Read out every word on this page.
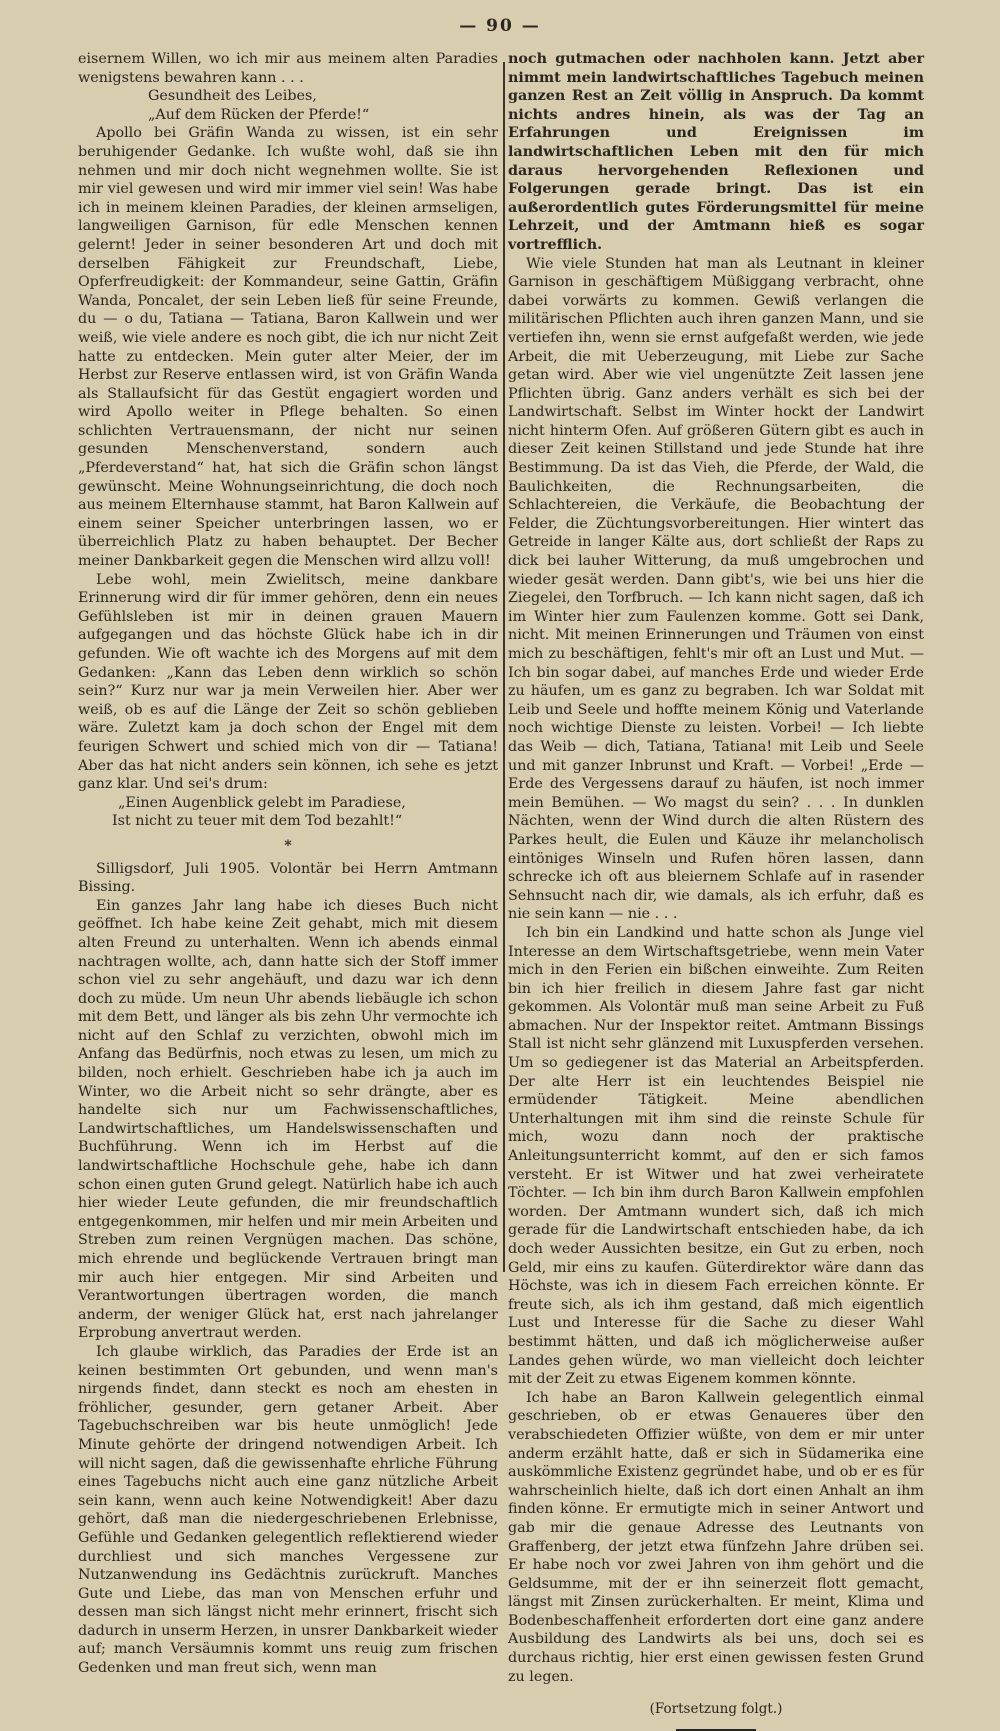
— 90 —

eisernem Willen, wo ich mir aus meinem alten Paradies wenigstens bewahren kann . . .

Gesundheit des Leibes,

„Auf dem Rücken der Pferde!“

Apollo bei Gräfin Wanda zu wissen, ist ein sehr beruhigender Gedanke. Ich wußte wohl, daß sie ihn nehmen und mir doch nicht wegnehmen wollte. Sie ist mir viel gewesen und wird mir immer viel sein! Was habe ich in meinem kleinen Paradies, der kleinen armseligen, langweiligen Garnison, für edle Menschen kennen gelernt! Jeder in seiner besonderen Art und doch mit derselben Fähigkeit zur Freundschaft, Liebe, Opferfreudigkeit: der Kommandeur, seine Gattin, Gräfin Wanda, Poncalet, der sein Leben ließ für seine Freunde, du — o du, Tatiana — Tatiana, Baron Kallwein und wer weiß, wie viele andere es noch gibt, die ich nur nicht Zeit hatte zu entdecken. Mein guter alter Meier, der im Herbst zur Reserve entlassen wird, ist von Gräfin Wanda als Stallaufsicht für das Gestüt engagiert worden und wird Apollo weiter in Pflege behalten. So einen schlichten Vertrauensmann, der nicht nur seinen gesunden Menschenverstand, sondern auch „Pferdeverstand“ hat, hat sich die Gräfin schon längst gewünscht. Meine Wohnungseinrichtung, die doch noch aus meinem Elternhause stammt, hat Baron Kallwein auf einem seiner Speicher unterbringen lassen, wo er überreichlich Platz zu haben behauptet. Der Becher meiner Dankbarkeit gegen die Menschen wird allzu voll!

Lebe wohl, mein Zwielitsch, meine dankbare Erinnerung wird dir für immer gehören, denn ein neues Gefühlsleben ist mir in deinen grauen Mauern aufgegangen und das höchste Glück habe ich in dir gefunden. Wie oft wachte ich des Morgens auf mit dem Gedanken: „Kann das Leben denn wirklich so schön sein?“ Kurz nur war ja mein Verweilen hier. Aber wer weiß, ob es auf die Länge der Zeit so schön geblieben wäre. Zuletzt kam ja doch schon der Engel mit dem feurigen Schwert und schied mich von dir — Tatiana! Aber das hat nicht anders sein können, ich sehe es jetzt ganz klar. Und sei's drum:

„Einen Augenblick gelebt im Paradiese,

Ist nicht zu teuer mit dem Tod bezahlt!“

*

Silligsdorf, Juli 1905. Volontär bei Herrn Amtmann Bissing.

Ein ganzes Jahr lang habe ich dieses Buch nicht geöffnet. Ich habe keine Zeit gehabt, mich mit diesem alten Freund zu unterhalten. Wenn ich abends einmal nachtragen wollte, ach, dann hatte sich der Stoff immer schon viel zu sehr angehäuft, und dazu war ich denn doch zu müde. Um neun Uhr abends liebäugle ich schon mit dem Bett, und länger als bis zehn Uhr vermochte ich nicht auf den Schlaf zu verzichten, obwohl mich im Anfang das Bedürfnis, noch etwas zu lesen, um mich zu bilden, noch erhielt. Geschrieben habe ich ja auch im Winter, wo die Arbeit nicht so sehr drängte, aber es handelte sich nur um Fachwissenschaftliches, Landwirtschaftliches, um Handelswissenschaften und Buchführung. Wenn ich im Herbst auf die landwirtschaftliche Hochschule gehe, habe ich dann schon einen guten Grund gelegt. Natürlich habe ich auch hier wieder Leute gefunden, die mir freundschaftlich entgegenkommen, mir helfen und mir mein Arbeiten und Streben zum reinen Vergnügen machen. Das schöne, mich ehrende und beglückende Vertrauen bringt man mir auch hier entgegen. Mir sind Arbeiten und Verantwortungen übertragen worden, die manch anderm, der weniger Glück hat, erst nach jahrelanger Erprobung anvertraut werden.

Ich glaube wirklich, das Paradies der Erde ist an keinen bestimmten Ort gebunden, und wenn man's nirgends findet, dann steckt es noch am ehesten in fröhlicher, gesunder, gern getaner Arbeit. Aber Tagebuchschreiben war bis heute unmöglich! Jede Minute gehörte der dringend notwendigen Arbeit. Ich will nicht sagen, daß die gewissenhafte ehrliche Führung eines Tagebuchs nicht auch eine ganz nützliche Arbeit sein kann, wenn auch keine Notwendigkeit! Aber dazu gehört, daß man die niedergeschriebenen Erlebnisse, Gefühle und Gedanken gelegentlich reflektierend wieder durchliest und sich manches Vergessene zur Nutzanwendung ins Gedächtnis zurückruft. Manches Gute und Liebe, das man von Menschen erfuhr und dessen man sich längst nicht mehr erinnert, frischt sich dadurch in unserm Herzen, in unsrer Dankbarkeit wieder auf; manch Versäumnis kommt uns reuig zum frischen Gedenken und man freut sich, wenn man

noch gutmachen oder nachholen kann. Jetzt aber nimmt mein landwirtschaftliches Tagebuch meinen ganzen Rest an Zeit völlig in Anspruch. Da kommt nichts andres hinein, als was der Tag an Erfahrungen und Ereignissen im landwirtschaftlichen Leben mit den für mich daraus hervorgehenden Reflexionen und Folgerungen gerade bringt. Das ist ein außerordentlich gutes Förderungsmittel für meine Lehrzeit, und der Amtmann hieß es sogar vortrefflich.

Wie viele Stunden hat man als Leutnant in kleiner Garnison in geschäftigem Müßiggang verbracht, ohne dabei vorwärts zu kommen. Gewiß verlangen die militärischen Pflichten auch ihren ganzen Mann, und sie vertiefen ihn, wenn sie ernst aufgefaßt werden, wie jede Arbeit, die mit Ueberzeugung, mit Liebe zur Sache getan wird. Aber wie viel ungenützte Zeit lassen jene Pflichten übrig. Ganz anders verhält es sich bei der Landwirtschaft. Selbst im Winter hockt der Landwirt nicht hinterm Ofen. Auf größeren Gütern gibt es auch in dieser Zeit keinen Stillstand und jede Stunde hat ihre Bestimmung. Da ist das Vieh, die Pferde, der Wald, die Baulichkeiten, die Rechnungsarbeiten, die Schlachtereien, die Verkäufe, die Beobachtung der Felder, die Züchtungsvorbereitungen. Hier wintert das Getreide in langer Kälte aus, dort schließt der Raps zu dick bei lauher Witterung, da muß umgebrochen und wieder gesät werden. Dann gibt's, wie bei uns hier die Ziegelei, den Torfbruch. — Ich kann nicht sagen, daß ich im Winter hier zum Faulenzen komme. Gott sei Dank, nicht. Mit meinen Erinnerungen und Träumen von einst mich zu beschäftigen, fehlt's mir oft an Lust und Mut. — Ich bin sogar dabei, auf manches Erde und wieder Erde zu häufen, um es ganz zu begraben. Ich war Soldat mit Leib und Seele und hoffte meinem König und Vaterlande noch wichtige Dienste zu leisten. Vorbei! — Ich liebte das Weib — dich, Tatiana, Tatiana! mit Leib und Seele und mit ganzer Inbrunst und Kraft. — Vorbei! „Erde — Erde des Vergessens darauf zu häufen, ist noch immer mein Bemühen. — Wo magst du sein? . . . In dunklen Nächten, wenn der Wind durch die alten Rüstern des Parkes heult, die Eulen und Käuze ihr melancholisch eintöniges Winseln und Rufen hören lassen, dann schrecke ich oft aus bleiernem Schlafe auf in rasender Sehnsucht nach dir, wie damals, als ich erfuhr, daß es nie sein kann — nie . . .

Ich bin ein Landkind und hatte schon als Junge viel Interesse an dem Wirtschaftsgetriebe, wenn mein Vater mich in den Ferien ein bißchen einweihte. Zum Reiten bin ich hier freilich in diesem Jahre fast gar nicht gekommen. Als Volontär muß man seine Arbeit zu Fuß abmachen. Nur der Inspektor reitet. Amtmann Bissings Stall ist nicht sehr glänzend mit Luxuspferden versehen. Um so gediegener ist das Material an Arbeitspferden. Der alte Herr ist ein leuchtendes Beispiel nie ermüdender Tätigkeit. Meine abendlichen Unterhaltungen mit ihm sind die reinste Schule für mich, wozu dann noch der praktische Anleitungsunterricht kommt, auf den er sich famos versteht. Er ist Witwer und hat zwei verheiratete Töchter. — Ich bin ihm durch Baron Kallwein empfohlen worden. Der Amtmann wundert sich, daß ich mich gerade für die Landwirtschaft entschieden habe, da ich doch weder Aussichten besitze, ein Gut zu erben, noch Geld, mir eins zu kaufen. Güterdirektor wäre dann das Höchste, was ich in diesem Fach erreichen könnte. Er freute sich, als ich ihm gestand, daß mich eigentlich Lust und Interesse für die Sache zu dieser Wahl bestimmt hätten, und daß ich möglicherweise außer Landes gehen würde, wo man vielleicht doch leichter mit der Zeit zu etwas Eigenem kommen könnte.

Ich habe an Baron Kallwein gelegentlich einmal geschrieben, ob er etwas Genaueres über den verabschiedeten Offizier wüßte, von dem er mir unter anderm erzählt hatte, daß er sich in Südamerika eine auskömmliche Existenz gegründet habe, und ob er es für wahrscheinlich hielte, daß ich dort einen Anhalt an ihm finden könne. Er ermutigte mich in seiner Antwort und gab mir die genaue Adresse des Leutnants von Graffenberg, der jetzt etwa fünfzehn Jahre drüben sei. Er habe noch vor zwei Jahren von ihm gehört und die Geldsumme, mit der er ihn seinerzeit flott gemacht, längst mit Zinsen zurückerhalten. Er meint, Klima und Bodenbeschaffenheit erforderten dort eine ganz andere Ausbildung des Landwirts als bei uns, doch sei es durchaus richtig, hier erst einen gewissen festen Grund zu legen.

(Fortsetzung folgt.)
